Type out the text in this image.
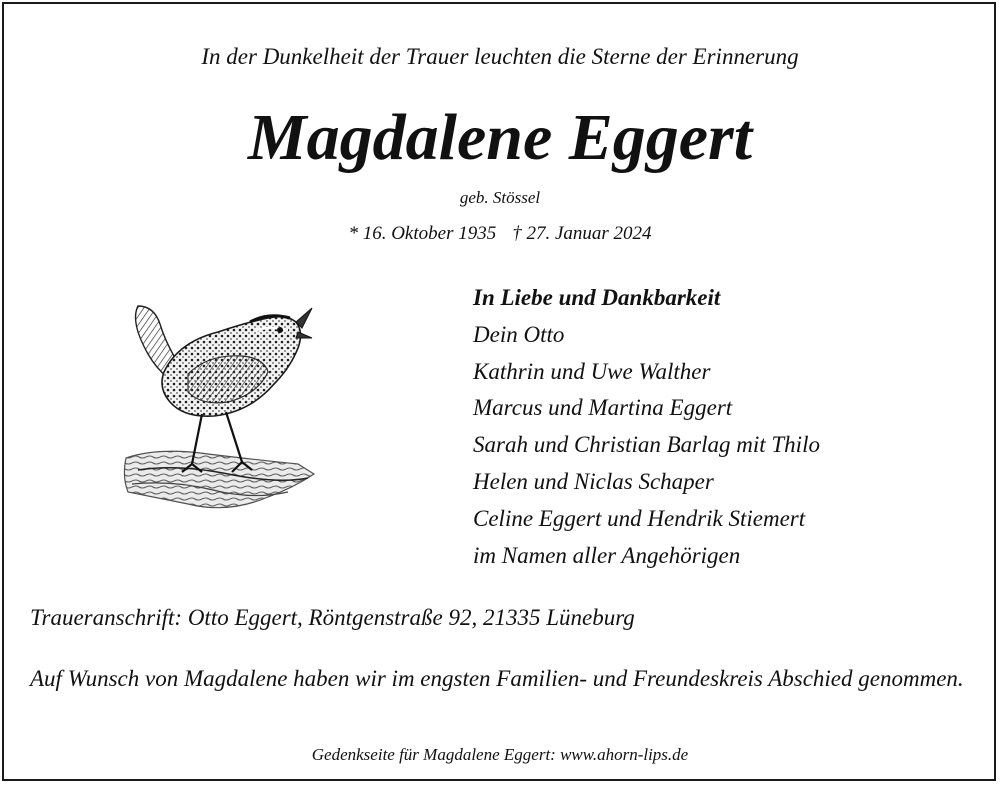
In der Dunkelheit der Trauer leuchten die Sterne der Erinnerung
Magdalene Eggert
geb. Stössel
* 16. Oktober 1935 † 27. Januar 2024
In Liebe und Dankbarkeit
Dein Otto
Kathrin und Uwe Walther
Marcus und Martina Eggert
Sarah und Christian Barlag mit Thilo
Helen und Niclas Schaper
Celine Eggert und Hendrik Stiemert
im Namen aller Angehörigen
Traueranschrift: Otto Eggert, Röntgenstraße 92, 21335 Lüneburg
Auf Wunsch von Magdalene haben wir im engsten Familien- und Freundeskreis Abschied genommen.
Gedenkseite für Magdalene Eggert: www.ahorn-lips.de
